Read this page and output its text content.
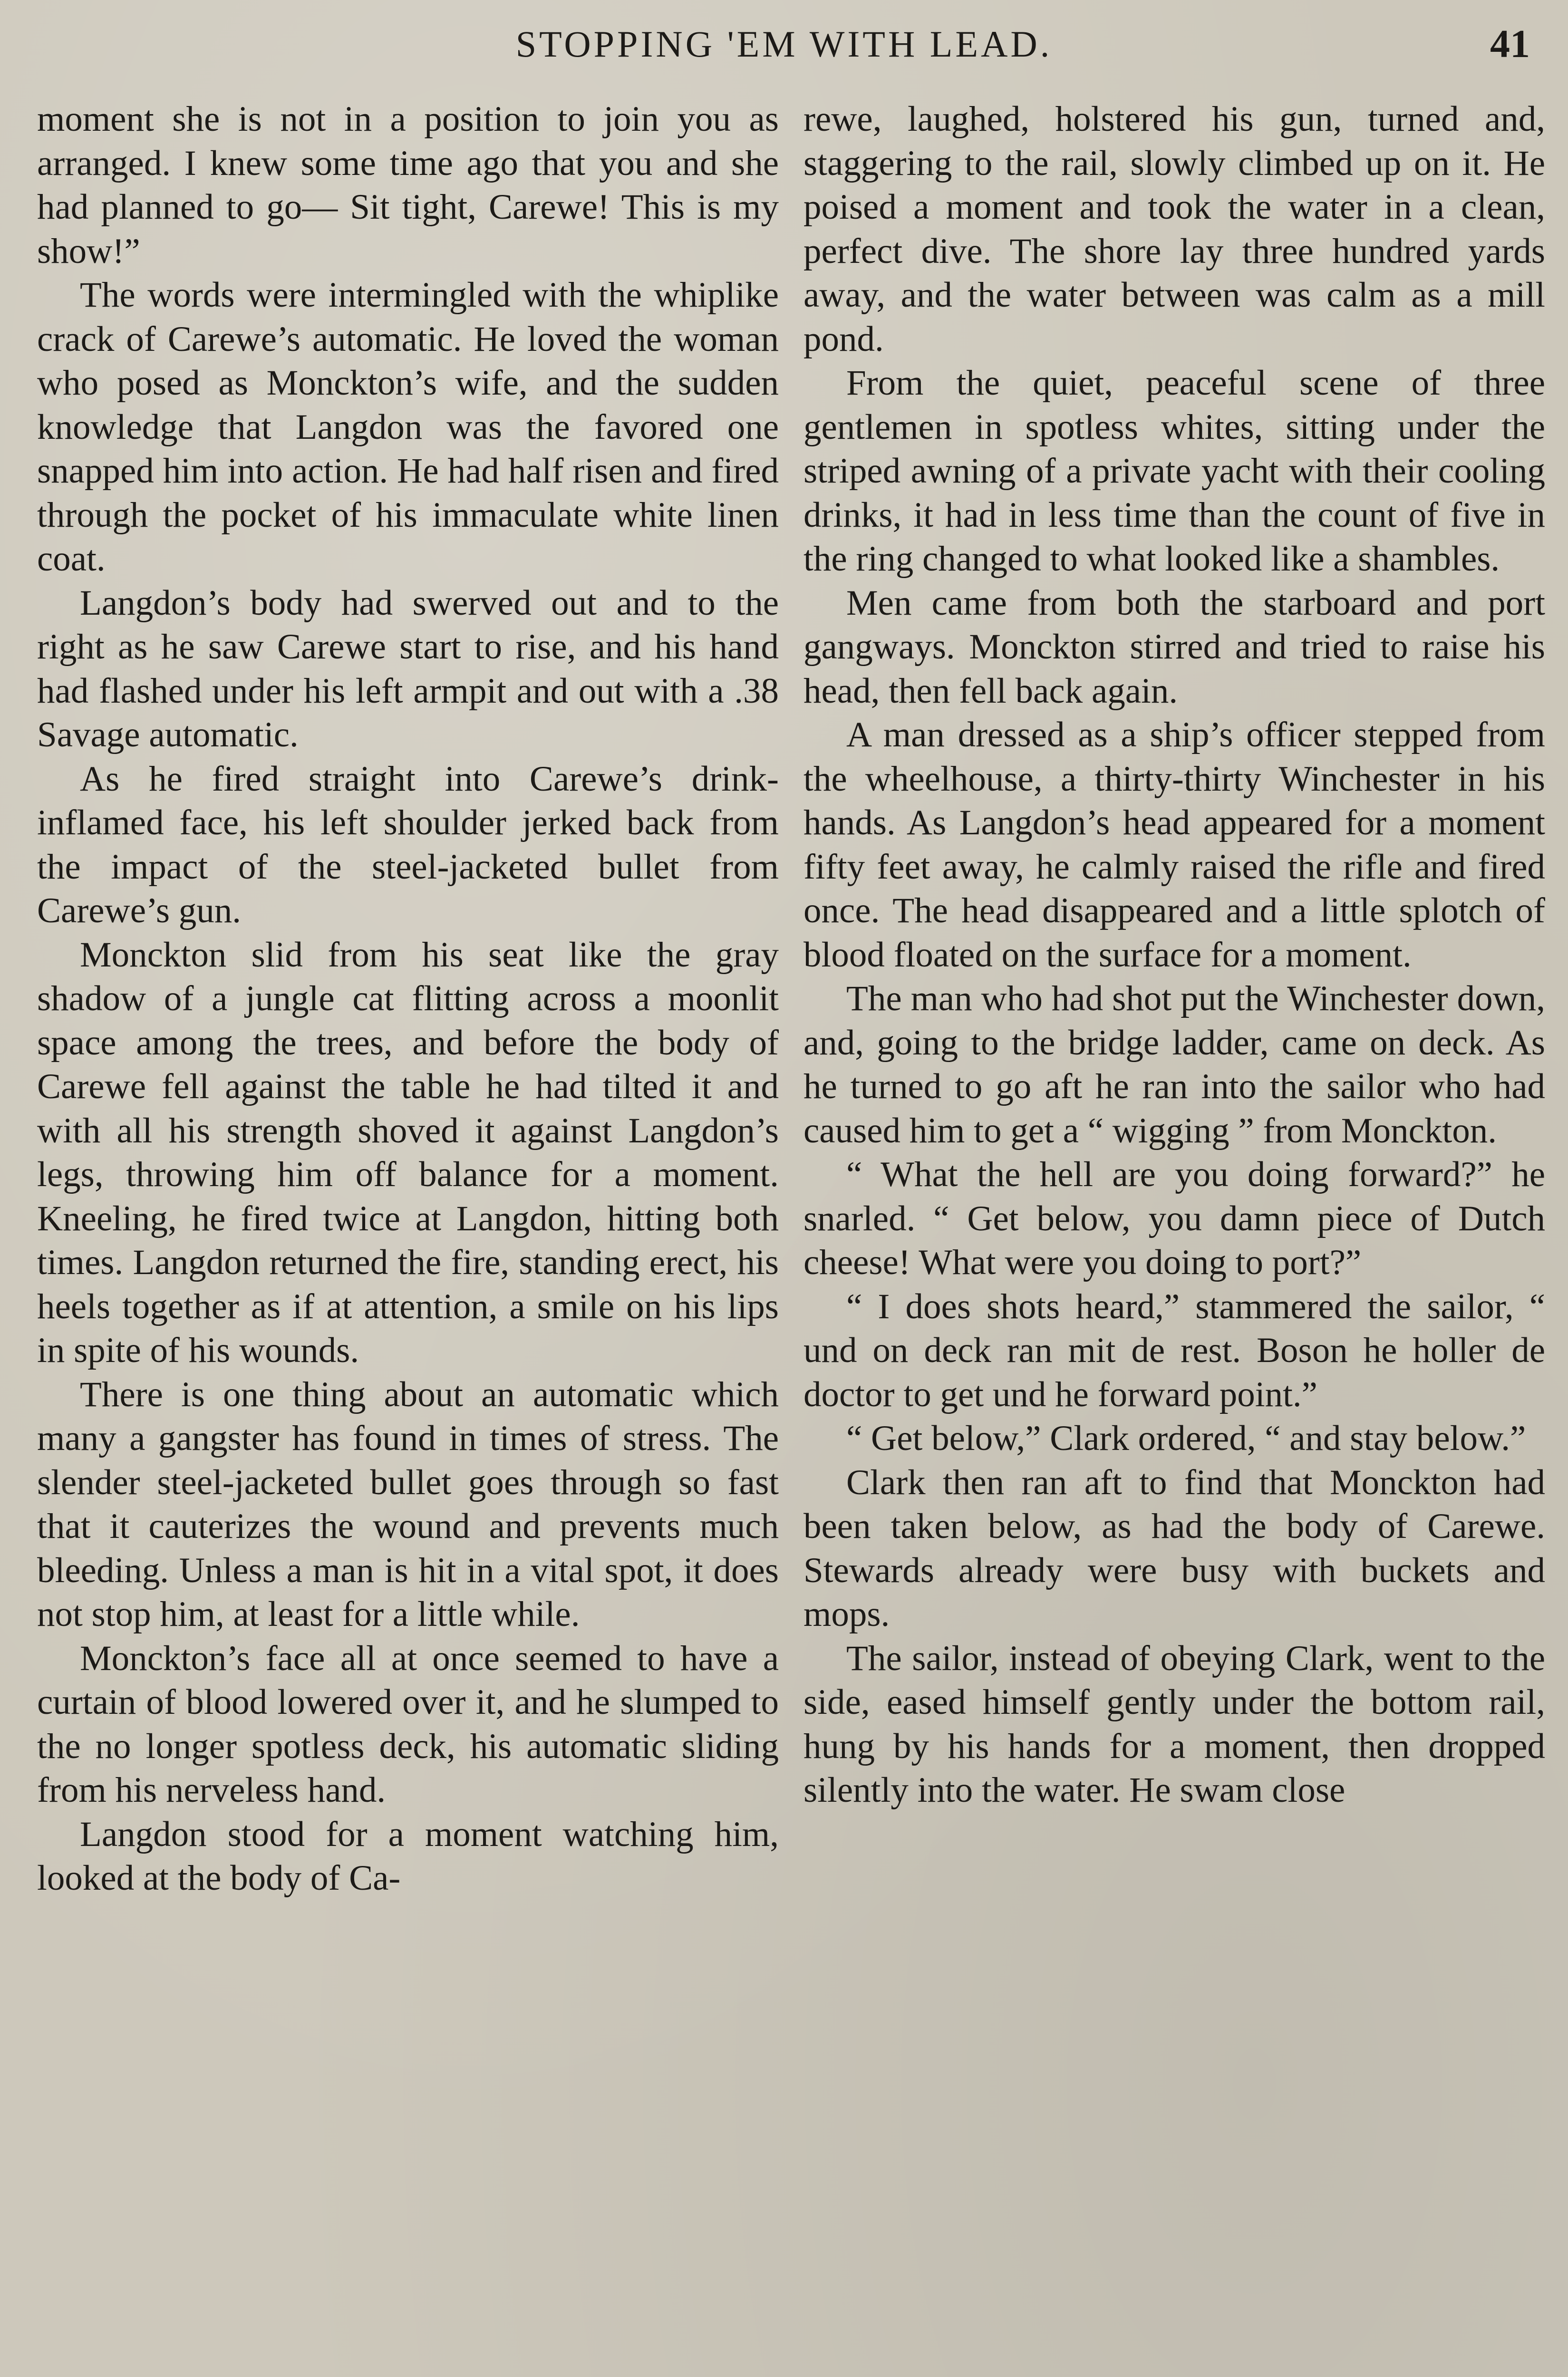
STOPPING 'EM WITH LEAD.	41

moment she is not in a position to join you as arranged. I knew some time ago that you and she had planned to go— Sit tight, Carewe! This is my show!”

The words were intermingled with the whiplike crack of Carewe’s automatic. He loved the woman who posed as Monckton’s wife, and the sudden knowledge that Langdon was the favored one snapped him into action. He had half risen and fired through the pocket of his immaculate white linen coat.

Langdon’s body had swerved out and to the right as he saw Carewe start to rise, and his hand had flashed under his left armpit and out with a .38 Savage automatic.

As he fired straight into Carewe’s drink-inflamed face, his left shoulder jerked back from the impact of the steel-jacketed bullet from Carewe’s gun.

Monckton slid from his seat like the gray shadow of a jungle cat flitting across a moonlit space among the trees, and before the body of Carewe fell against the table he had tilted it and with all his strength shoved it against Langdon’s legs, throwing him off balance for a moment. Kneeling, he fired twice at Langdon, hitting both times. Langdon returned the fire, standing erect, his heels together as if at attention, a smile on his lips in spite of his wounds.

There is one thing about an automatic which many a gangster has found in times of stress. The slender steel-jacketed bullet goes through so fast that it cauterizes the wound and prevents much bleeding. Unless a man is hit in a vital spot, it does not stop him, at least for a little while.

Monckton’s face all at once seemed to have a curtain of blood lowered over it, and he slumped to the no longer spotless deck, his automatic sliding from his nerveless hand.

Langdon stood for a moment watching him, looked at the body of Ca-

rewe, laughed, holstered his gun, turned and, staggering to the rail, slowly climbed up on it. He poised a moment and took the water in a clean, perfect dive. The shore lay three hundred yards away, and the water between was calm as a mill pond.

From the quiet, peaceful scene of three gentlemen in spotless whites, sitting under the striped awning of a private yacht with their cooling drinks, it had in less time than the count of five in the ring changed to what looked like a shambles.

Men came from both the starboard and port gangways. Monckton stirred and tried to raise his head, then fell back again.

A man dressed as a ship’s officer stepped from the wheelhouse, a thirty-thirty Winchester in his hands. As Langdon’s head appeared for a moment fifty feet away, he calmly raised the rifle and fired once. The head disappeared and a little splotch of blood floated on the surface for a moment.

The man who had shot put the Winchester down, and, going to the bridge ladder, came on deck. As he turned to go aft he ran into the sailor who had caused him to get a “ wigging ” from Monckton.

“ What the hell are you doing forward?” he snarled. “ Get below, you damn piece of Dutch cheese! What were you doing to port?”

“ I does shots heard,” stammered the sailor, “ und on deck ran mit de rest. Boson he holler de doctor to get und he forward point.”

“ Get below,” Clark ordered, “ and stay below.”

Clark then ran aft to find that Monckton had been taken below, as had the body of Carewe. Stewards already were busy with buckets and mops.

The sailor, instead of obeying Clark, went to the side, eased himself gently under the bottom rail, hung by his hands for a moment, then dropped silently into the water. He swam close
